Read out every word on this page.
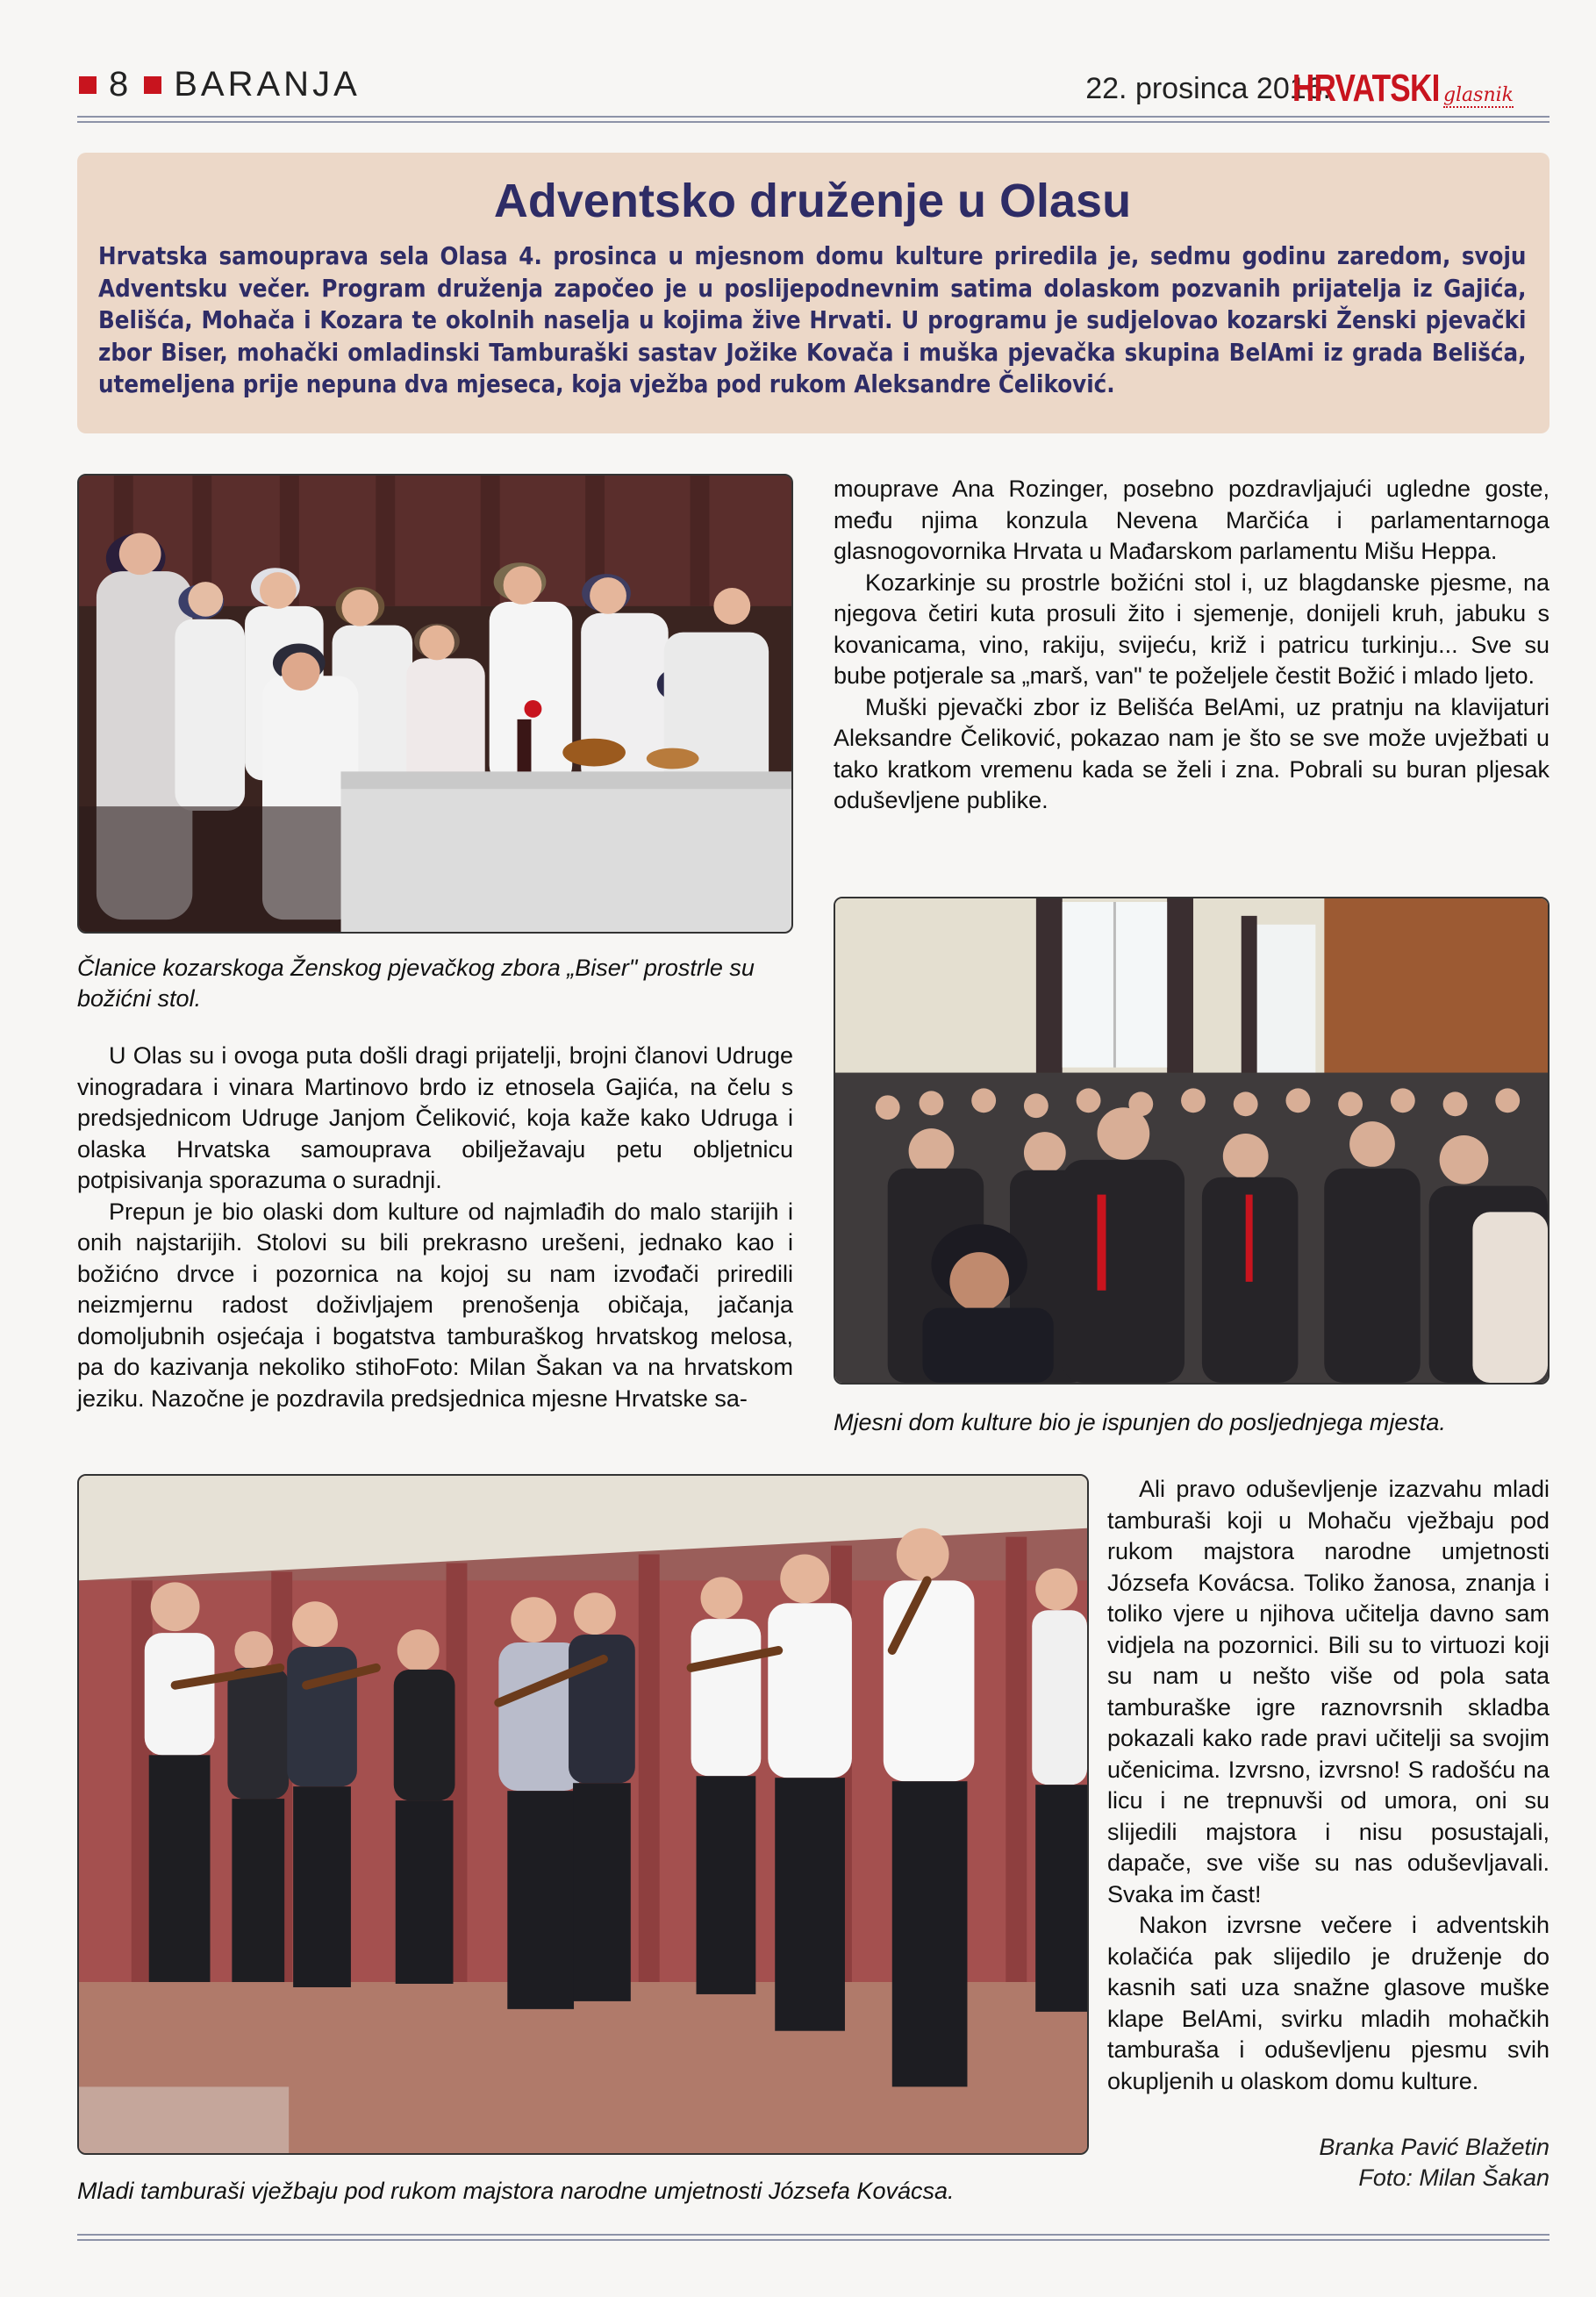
8 BARANJA	22. prosinca 2016.
HRVATSKI glasnik
Adventsko druženje u Olasu
Hrvatska samouprava sela Olasa 4. prosinca u mjesnom domu kulture priredila je, sedmu godinu zaredom, svoju Adventsku večer. Program druženja započeo je u poslijepodnevnim satima dolaskom pozvanih prijatelja iz Gajića, Belišća, Mohača i Kozara te okolnih naselja u kojima žive Hrvati. U programu je sudjelovao kozarski Ženski pjevački zbor Biser, mohački omladinski Tamburaški sastav Jožike Kovača i muška pjevačka skupina BelAmi iz grada Belišća, utemeljena prije nepuna dva mjeseca, koja vježba pod rukom Aleksandre Čeliković.
Članice kozarskoga Ženskog pjevačkog zbora „Biser" prostrle su božićni stol.

U Olas su i ovoga puta došli dragi prijatelji, brojni članovi Udruge vinogradara i vinara Martinovo brdo iz etnosela Gajića, na čelu s predsjednicom Udruge Janjom Čeliković, koja kaže kako Udruga i olaska Hrvatska samouprava obilježavaju petu obljetnicu potpisivanja sporazuma o suradnji.

Prepun je bio olaski dom kulture od najmlađih do malo starijih i onih najstarijih. Stolovi su bili prekrasno urešeni, jednako kao i božićno drvce i pozornica na kojoj su nam izvođači priredili neizmjernu radost doživljajem prenošenja običaja, jačanja domoljubnih osjećaja i bogatstva tamburaškog hrvatskog melosa, pa do kazivanja nekoliko stihoFoto: Milan Šakan va na hrvatskom jeziku. Nazočne je pozdravila predsjednica mjesne Hrvatske sa-

mouprave Ana Rozinger, posebno pozdravljajući ugledne goste, među njima konzula Nevena Marčića i parlamentarnoga glasnogovornika Hrvata u Mađarskom parlamentu Mišu Heppa.

Kozarkinje su prostrle božićni stol i, uz blagdanske pjesme, na njegova četiri kuta prosuli žito i sjemenje, donijeli kruh, jabuku s kovanicama, vino, rakiju, svijeću, križ i patricu turkinju... Sve su bube potjerale sa „marš, van" te poželjele čestit Božić i mlado ljeto.

Muški pjevački zbor iz Belišća BelAmi, uz pratnju na klavijaturi Aleksandre Čeliković, pokazao nam je što se sve može uvježbati u tako kratkom vremenu kada se želi i zna. Pobrali su buran pljesak oduševljene publike.

Mjesni dom kulture bio je ispunjen do posljednjega mjesta.

Ali pravo oduševljenje izazvahu mladi tamburaši koji u Mohaču vježbaju pod rukom majstora narodne umjetnosti Józsefa Kovácsa. Toliko žanosa, znanja i toliko vjere u njihova učitelja davno sam vidjela na pozornici. Bili su to virtuozi koji su nam u nešto više od pola sata tamburaške igre raznovrsnih skladba pokazali kako rade pravi učitelji sa svojim učenicima. Izvrsno, izvrsno! S radošću na licu i ne trepnuvši od umora, oni su slijedili majstora i nisu posustajali, dapače, sve više su nas oduševljavali. Svaka im čast!

Nakon izvrsne večere i adventskih kolačića pak slijedilo je druženje do kasnih sati uza snažne glasove muške klape BelAmi, svirku mladih mohačkih tamburaša i oduševljenu pjesmu svih okupljenih u olaskom domu kulture.

Branka Pavić Blažetin
Foto: Milan Šakan
Mladi tamburaši vježbaju pod rukom majstora narodne umjetnosti Józsefa Kovácsa.
